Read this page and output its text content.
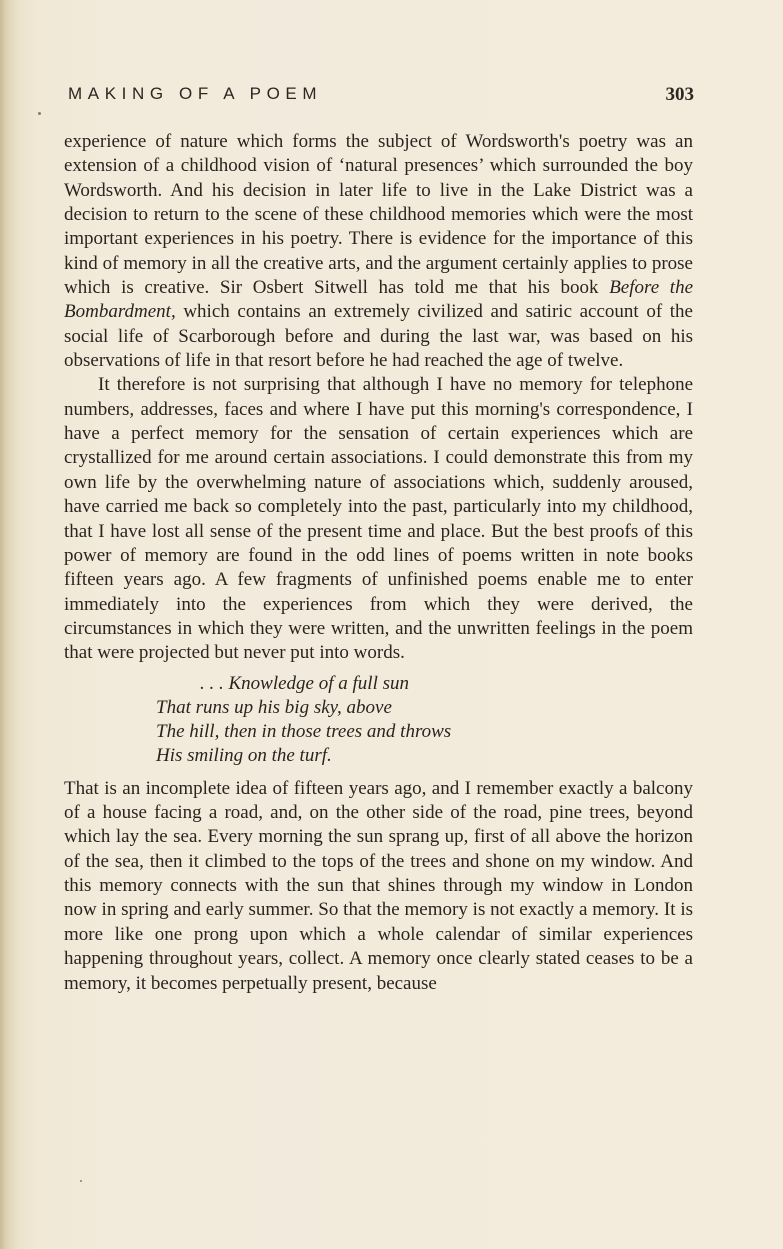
MAKING OF A POEM	303

experience of nature which forms the subject of Wordsworth's poetry was an extension of a childhood vision of ‘natural presences’ which surrounded the boy Wordsworth. And his decision in later life to live in the Lake District was a decision to return to the scene of these childhood memories which were the most important experiences in his poetry. There is evidence for the importance of this kind of memory in all the creative arts, and the argument certainly applies to prose which is creative. Sir Osbert Sitwell has told me that his book Before the Bombardment, which contains an extremely civilized and satiric account of the social life of Scarborough before and during the last war, was based on his observations of life in that resort before he had reached the age of twelve.

It therefore is not surprising that although I have no memory for telephone numbers, addresses, faces and where I have put this morning's correspondence, I have a perfect memory for the sensation of certain experiences which are crystallized for me around certain associations. I could demonstrate this from my own life by the overwhelming nature of associations which, suddenly aroused, have carried me back so completely into the past, particularly into my childhood, that I have lost all sense of the present time and place. But the best proofs of this power of memory are found in the odd lines of poems written in note books fifteen years ago. A few fragments of unfinished poems enable me to enter immediately into the experiences from which they were derived, the circumstances in which they were written, and the unwritten feelings in the poem that were projected but never put into words.

. . . Knowledge of a full sun
That runs up his big sky, above
The hill, then in those trees and throws
His smiling on the turf.

That is an incomplete idea of fifteen years ago, and I remember exactly a balcony of a house facing a road, and, on the other side of the road, pine trees, beyond which lay the sea. Every morning the sun sprang up, first of all above the horizon of the sea, then it climbed to the tops of the trees and shone on my window. And this memory connects with the sun that shines through my window in London now in spring and early summer. So that the memory is not exactly a memory. It is more like one prong upon which a whole calendar of similar experiences happening throughout years, collect. A memory once clearly stated ceases to be a memory, it becomes perpetually present, because
